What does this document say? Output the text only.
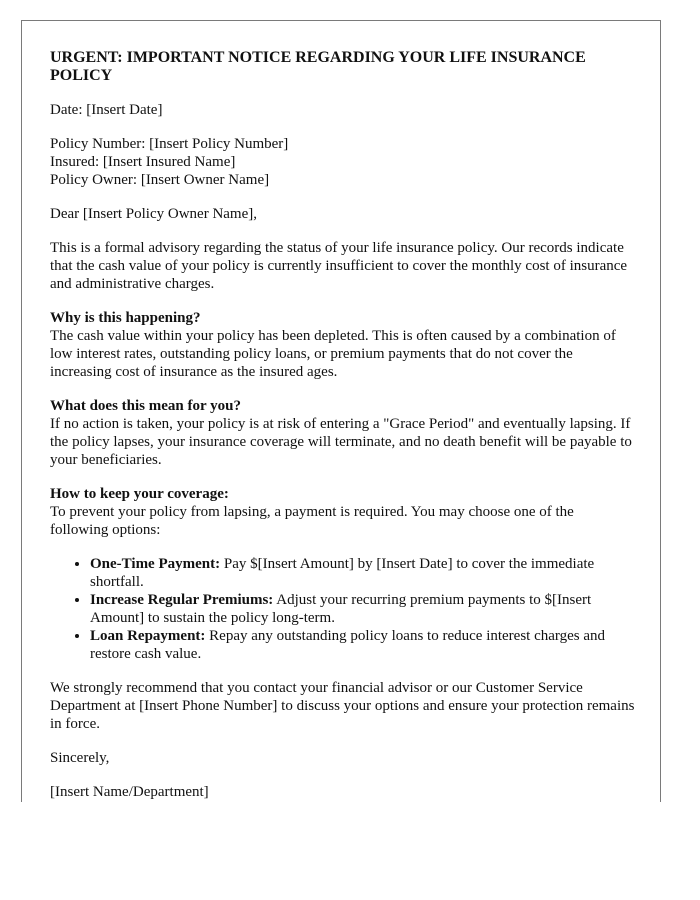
URGENT: IMPORTANT NOTICE REGARDING YOUR LIFE INSURANCE POLICY

Date: [Insert Date]

Policy Number: [Insert Policy Number]
Insured: [Insert Insured Name]
Policy Owner: [Insert Owner Name]

Dear [Insert Policy Owner Name],

This is a formal advisory regarding the status of your life insurance policy. Our records indicate that the cash value of your policy is currently insufficient to cover the monthly cost of insurance and administrative charges.

Why is this happening?
The cash value within your policy has been depleted. This is often caused by a combination of low interest rates, outstanding policy loans, or premium payments that do not cover the increasing cost of insurance as the insured ages.
What does this mean for you?
If no action is taken, your policy is at risk of entering a "Grace Period" and eventually lapsing. If the policy lapses, your insurance coverage will terminate, and no death benefit will be payable to your beneficiaries.
How to keep your coverage:
To prevent your policy from lapsing, a payment is required. You may choose one of the following options:
• One-Time Payment: Pay $[Insert Amount] by [Insert Date] to cover the immediate shortfall.
• Increase Regular Premiums: Adjust your recurring premium payments to $[Insert Amount] to sustain the policy long-term.
• Loan Repayment: Repay any outstanding policy loans to reduce interest charges and restore cash value.

We strongly recommend that you contact your financial advisor or our Customer Service Department at [Insert Phone Number] to discuss your options and ensure your protection remains in force.

Sincerely,

[Insert Name/Department]
